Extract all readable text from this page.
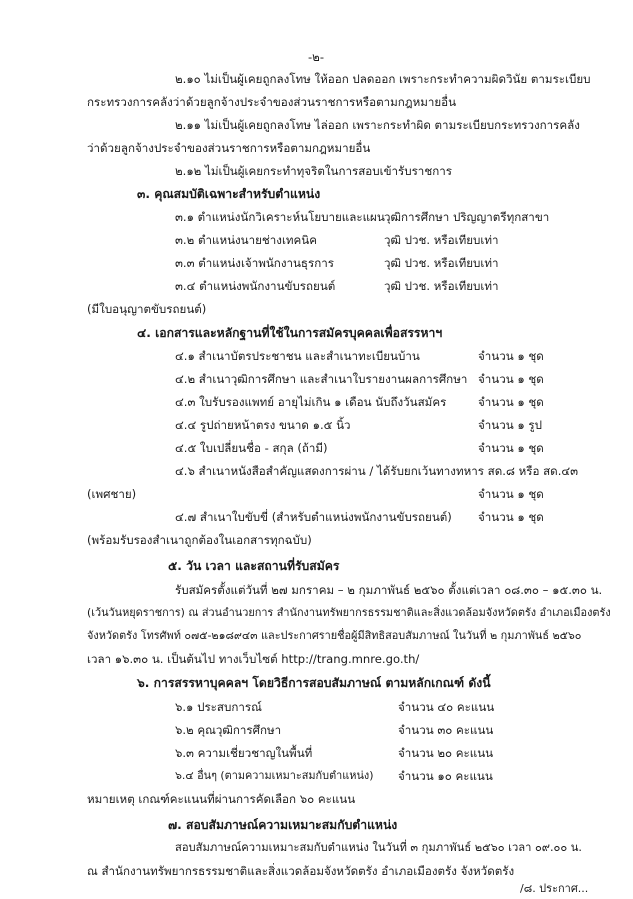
-๒-
๒.๑๐ ไม่เป็นผู้เคยถูกลงโทษ ให้ออก ปลดออก เพราะกระทำความผิดวินัย ตามระเบียบ
กระทรวงการคลังว่าด้วยลูกจ้างประจำของส่วนราชการหรือตามกฎหมายอื่น
๒.๑๑ ไม่เป็นผู้เคยถูกลงโทษ ไล่ออก เพราะกระทำผิด ตามระเบียบกระทรวงการคลัง
ว่าด้วยลูกจ้างประจำของส่วนราชการหรือตามกฎหมายอื่น
๒.๑๒ ไม่เป็นผู้เคยกระทำทุจริตในการสอบเข้ารับราชการ
๓. คุณสมบัติเฉพาะสำหรับตำแหน่ง
๓.๑ ตำแหน่งนักวิเคราะห์นโยบายและแผน วุฒิการศึกษา ปริญญาตรีทุกสาขา
๓.๒ ตำแหน่งนายช่างเทคนิค	วุฒิ ปวช. หรือเทียบเท่า
๓.๓ ตำแหน่งเจ้าพนักงานธุรการ	วุฒิ ปวช. หรือเทียบเท่า
๓.๔ ตำแหน่งพนักงานขับรถยนต์	วุฒิ ปวช. หรือเทียบเท่า
(มีใบอนุญาตขับรถยนต์)
๔. เอกสารและหลักฐานที่ใช้ในการสมัครบุคคลเพื่อสรรหาฯ
๔.๑ สำเนาบัตรประชาชน และสำเนาทะเบียนบ้าน	จำนวน ๑ ชุด
๔.๒ สำเนาวุฒิการศึกษา และสำเนาใบรายงานผลการศึกษา จำนวน ๑ ชุด
๔.๓ ใบรับรองแพทย์ อายุไม่เกิน ๑ เดือน นับถึงวันสมัคร	จำนวน ๑ ชุด
๔.๔ รูปถ่ายหน้าตรง ขนาด ๑.๕ นิ้ว	จำนวน ๑ รูป
๔.๕ ใบเปลี่ยนชื่อ - สกุล (ถ้ามี)	จำนวน ๑ ชุด
๔.๖ สำเนาหนังสือสำคัญแสดงการผ่าน / ได้รับยกเว้นทางทหาร สด.๘ หรือ สด.๔๓
(เพศชาย)	จำนวน ๑ ชุด
๔.๗ สำเนาใบขับขี่ (สำหรับตำแหน่งพนักงานขับรถยนต์) จำนวน ๑ ชุด
(พร้อมรับรองสำเนาถูกต้องในเอกสารทุกฉบับ)
๕. วัน เวลา และสถานที่รับสมัคร
รับสมัครตั้งแต่วันที่ ๒๗ มกราคม – ๒ กุมภาพันธ์ ๒๕๖๐ ตั้งแต่เวลา ๐๘.๓๐ – ๑๕.๓๐ น.
(เว้นวันหยุดราชการ) ณ ส่วนอำนวยการ สำนักงานทรัพยากรธรรมชาติและสิ่งแวดล้อมจังหวัดตรัง อำเภอเมืองตรัง
จังหวัดตรัง โทรศัพท์ ๐๗๕-๒๑๘๙๔๓ และประกาศรายชื่อผู้มีสิทธิสอบสัมภาษณ์ ในวันที่ ๒ กุมภาพันธ์ ๒๕๖๐
เวลา ๑๖.๓๐ น. เป็นต้นไป ทางเว็บไซต์ http://trang.mnre.go.th/
๖. การสรรหาบุคคลฯ โดยวิธีการสอบสัมภาษณ์ ตามหลักเกณฑ์ ดังนี้
๖.๑ ประสบการณ์	จำนวน ๔๐ คะแนน
๖.๒ คุณวุฒิการศึกษา	จำนวน ๓๐ คะแนน
๖.๓ ความเชี่ยวชาญในพื้นที่	จำนวน ๒๐ คะแนน
๖.๔ อื่นๆ (ตามความเหมาะสมกับตำแหน่ง) จำนวน ๑๐ คะแนน
หมายเหตุ เกณฑ์คะแนนที่ผ่านการคัดเลือก ๖๐ คะแนน
๗. สอบสัมภาษณ์ความเหมาะสมกับตำแหน่ง
สอบสัมภาษณ์ความเหมาะสมกับตำแหน่ง ในวันที่ ๓ กุมภาพันธ์ ๒๕๖๐ เวลา ๐๙.๐๐ น.
ณ สำนักงานทรัพยากรธรรมชาติและสิ่งแวดล้อมจังหวัดตรัง อำเภอเมืองตรัง จังหวัดตรัง
/๘. ประกาศ...
